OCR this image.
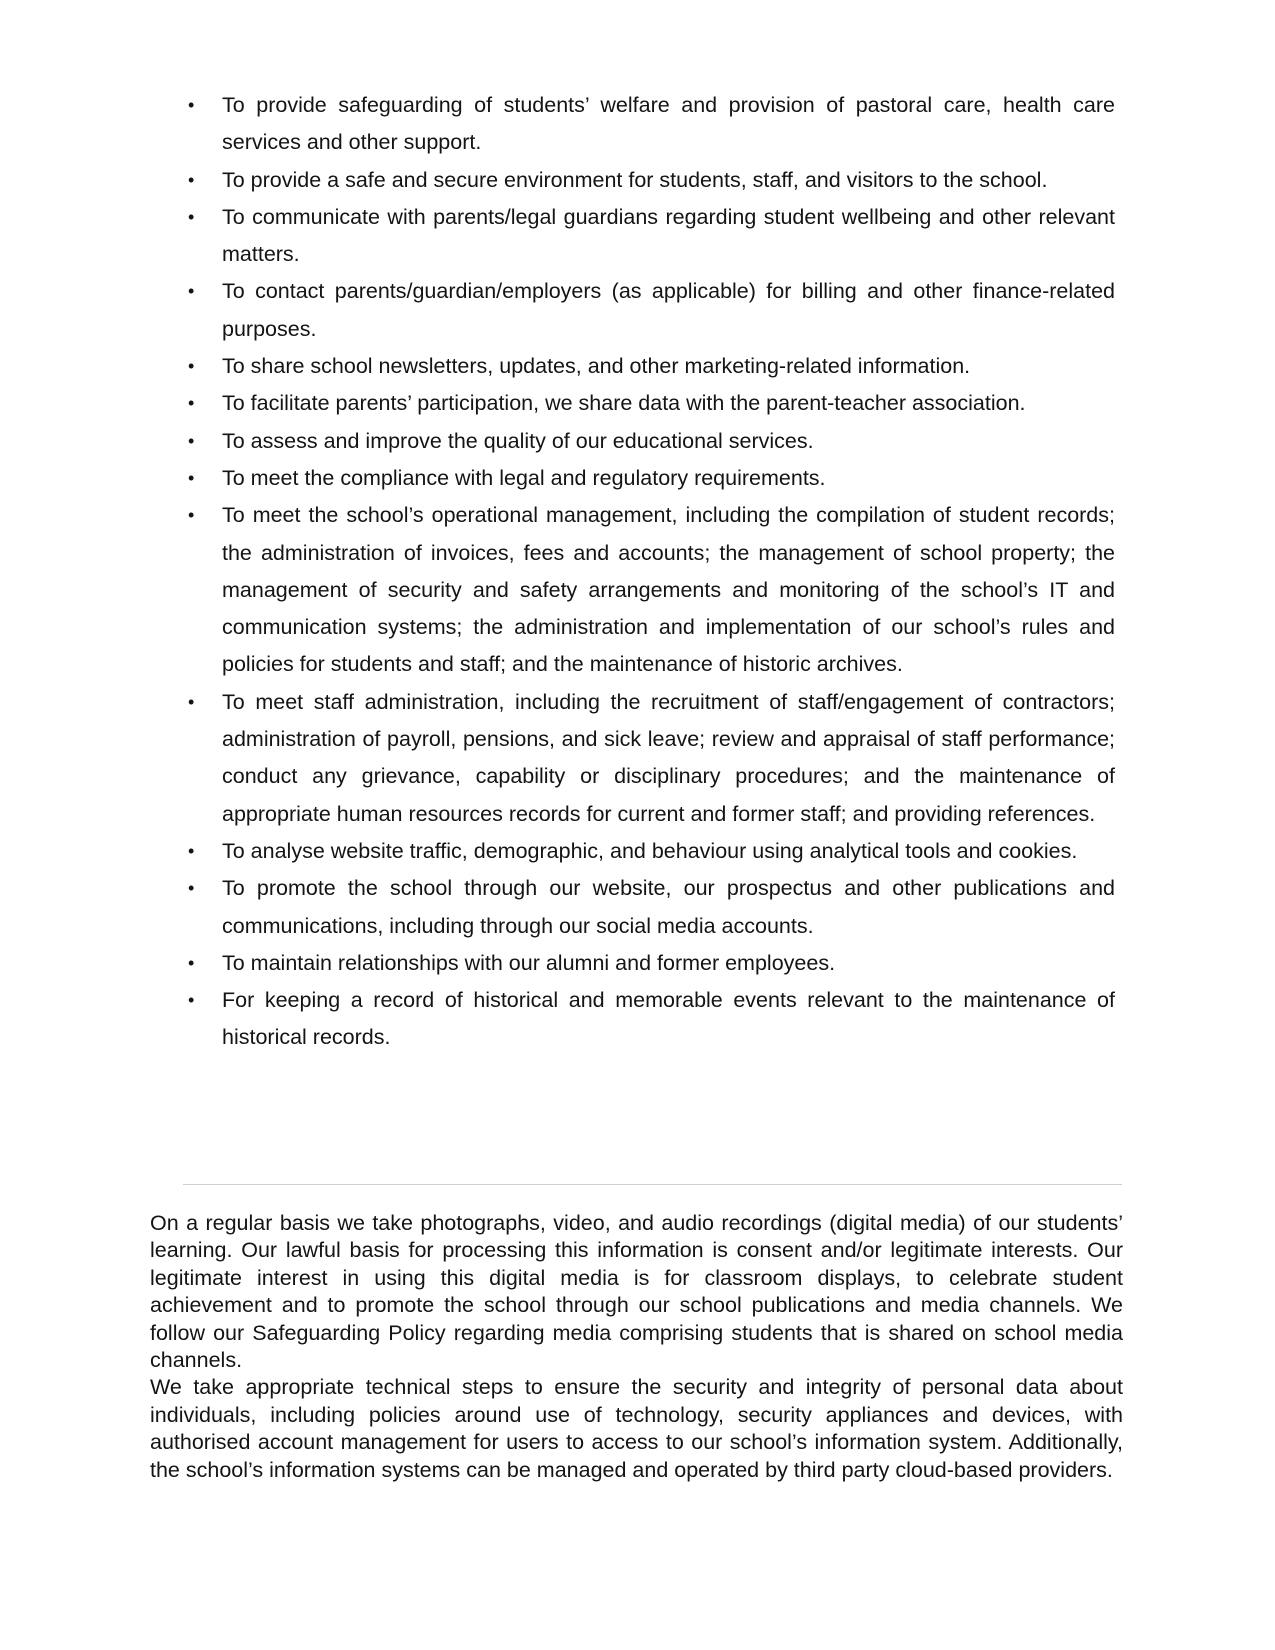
• To provide safeguarding of students’ welfare and provision of pastoral care, health care services and other support.
• To provide a safe and secure environment for students, staff, and visitors to the school.
• To communicate with parents/legal guardians regarding student wellbeing and other relevant matters.
• To contact parents/guardian/employers (as applicable) for billing and other finance-related purposes.
• To share school newsletters, updates, and other marketing-related information.
• To facilitate parents’ participation, we share data with the parent-teacher association.
• To assess and improve the quality of our educational services.
• To meet the compliance with legal and regulatory requirements.
• To meet the school’s operational management, including the compilation of student records; the administration of invoices, fees and accounts; the management of school property; the management of security and safety arrangements and monitoring of the school’s IT and communication systems; the administration and implementation of our school’s rules and policies for students and staff; and the maintenance of historic archives.
• To meet staff administration, including the recruitment of staff/engagement of contractors; administration of payroll, pensions, and sick leave; review and appraisal of staff performance; conduct any grievance, capability or disciplinary procedures; and the maintenance of appropriate human resources records for current and former staff; and providing references.
• To analyse website traffic, demographic, and behaviour using analytical tools and cookies.
• To promote the school through our website, our prospectus and other publications and communications, including through our social media accounts.
• To maintain relationships with our alumni and former employees.
• For keeping a record of historical and memorable events relevant to the maintenance of historical records.

On a regular basis we take photographs, video, and audio recordings (digital media) of our students’ learning. Our lawful basis for processing this information is consent and/or legitimate interests. Our legitimate interest in using this digital media is for classroom displays, to celebrate student achievement and to promote the school through our school publications and media channels. We follow our Safeguarding Policy regarding media comprising students that is shared on school media channels.

We take appropriate technical steps to ensure the security and integrity of personal data about individuals, including policies around use of technology, security appliances and devices, with authorised account management for users to access to our school’s information system. Additionally, the school’s information systems can be managed and operated by third party cloud-based providers.
